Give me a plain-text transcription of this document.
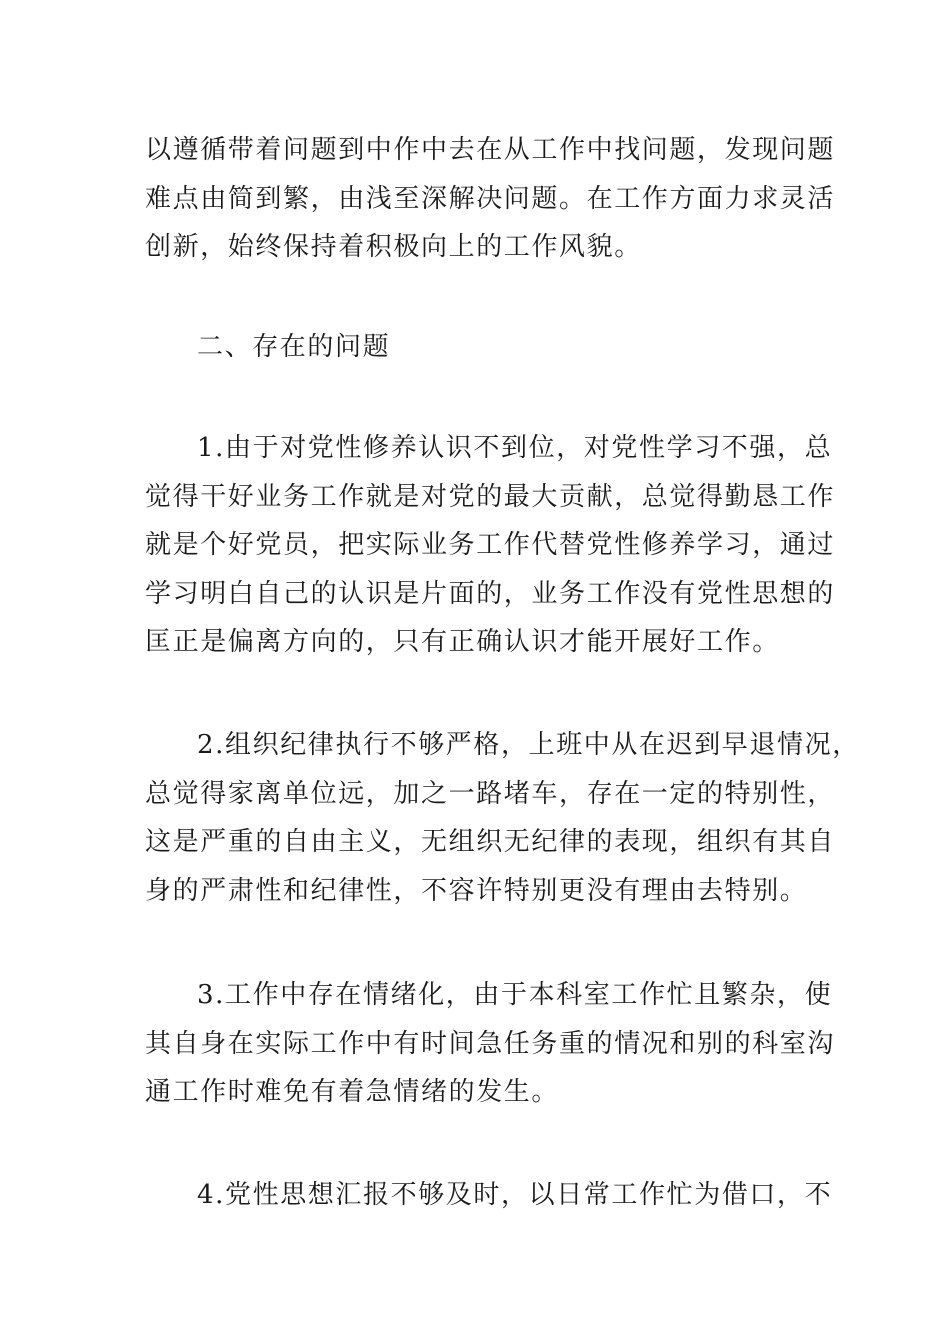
以遵循带着问题到中作中去在从工作中找问题，发现问题
难点由简到繁，由浅至深解决问题。在工作方面力求灵活
创新，始终保持着积极向上的工作风貌。
二、存在的问题
1.由于对党性修养认识不到位，对党性学习不强，总
觉得干好业务工作就是对党的最大贡献，总觉得勤恳工作
就是个好党员，把实际业务工作代替党性修养学习，通过
学习明白自己的认识是片面的，业务工作没有党性思想的
匡正是偏离方向的，只有正确认识才能开展好工作。
2.组织纪律执行不够严格，上班中从在迟到早退情况，
总觉得家离单位远，加之一路堵车，存在一定的特别性，
这是严重的自由主义，无组织无纪律的表现，组织有其自
身的严肃性和纪律性，不容许特别更没有理由去特别。
3.工作中存在情绪化，由于本科室工作忙且繁杂，使
其自身在实际工作中有时间急任务重的情况和别的科室沟
通工作时难免有着急情绪的发生。
4.党性思想汇报不够及时，以日常工作忙为借口，不
